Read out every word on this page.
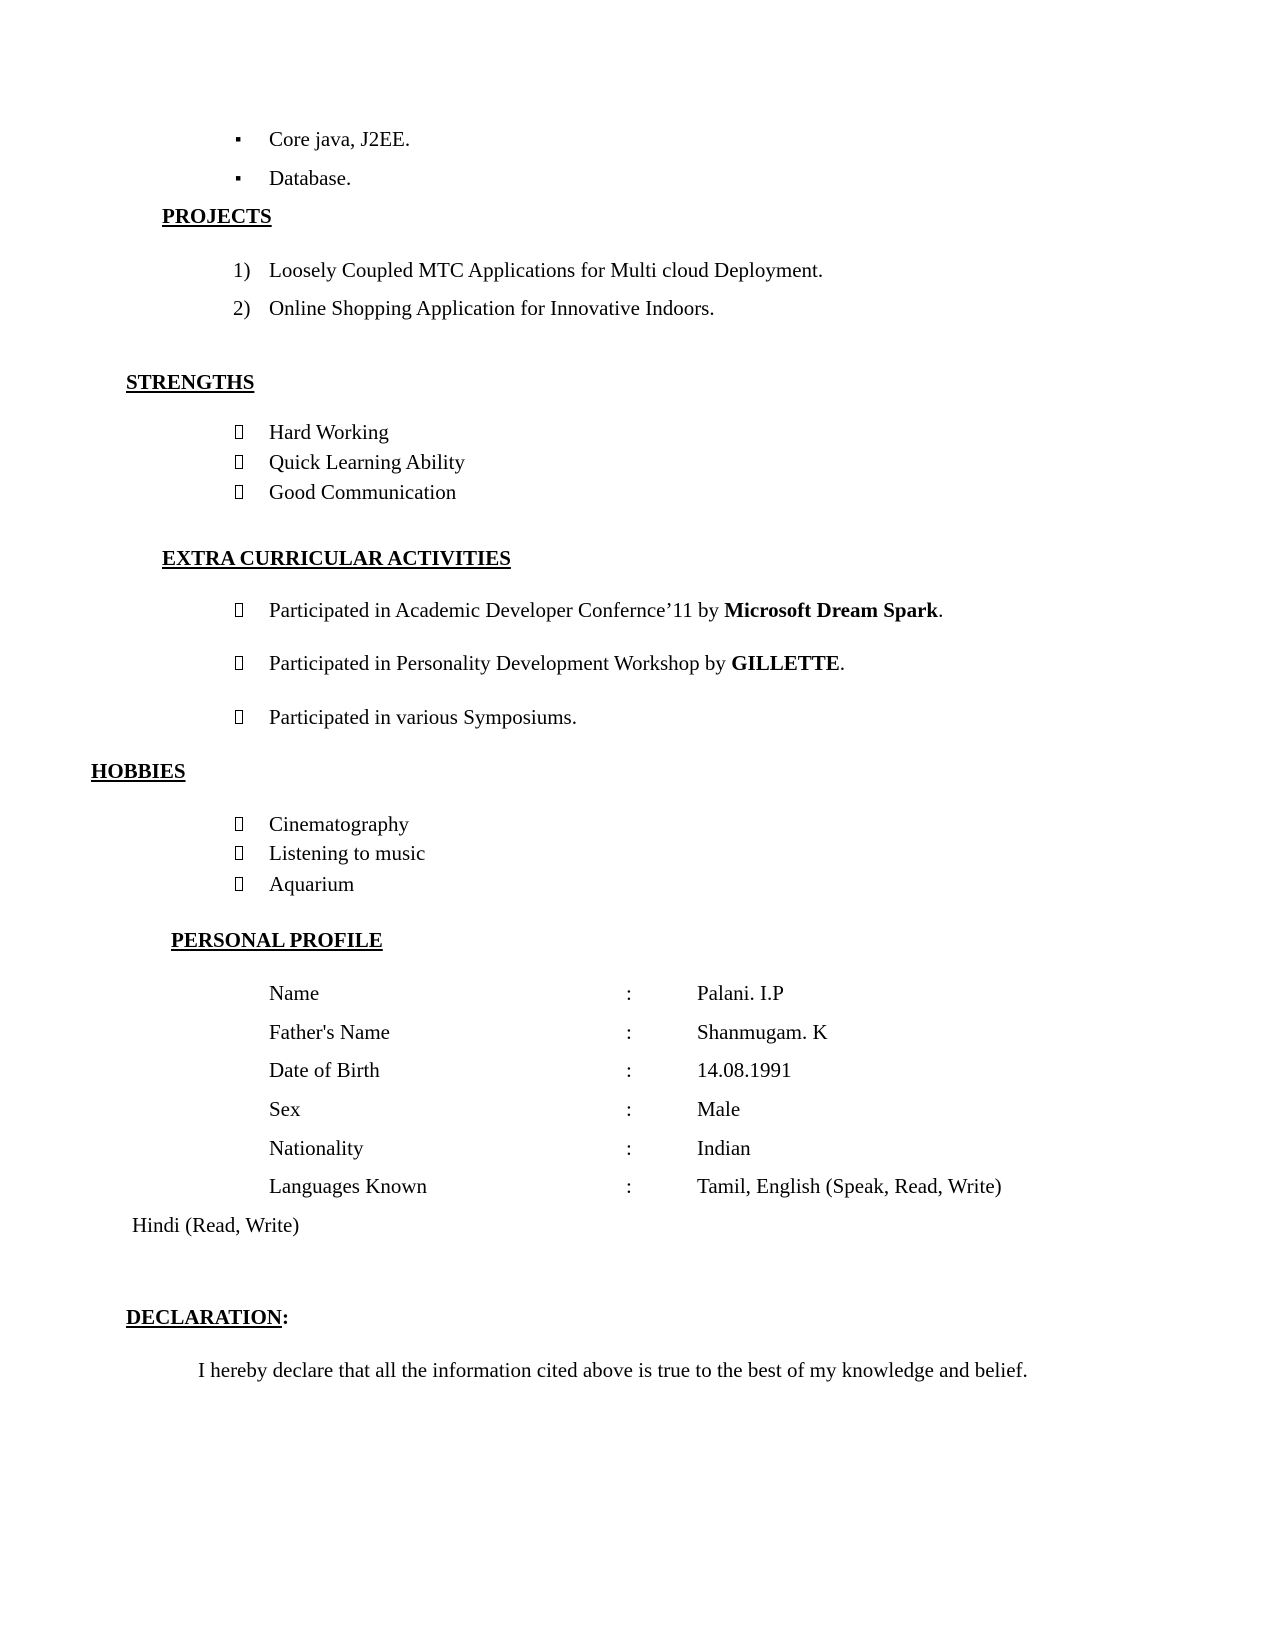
▪ Core java, J2EE.
▪ Database.
PROJECTS
1) Loosely Coupled MTC Applications for Multi cloud Deployment.
2) Online Shopping Application for Innovative Indoors.
STRENGTHS
Hard Working
Quick Learning Ability
Good Communication
EXTRA CURRICULAR ACTIVITIES
Participated in Academic Developer Confernce’11 by Microsoft Dream Spark.
Participated in Personality Development Workshop by GILLETTE.
Participated in various Symposiums.
HOBBIES
Cinematography
Listening to music
Aquarium
PERSONAL PROFILE
Name	:	Palani. I.P
Father's Name	:	Shanmugam. K
Date of Birth	:	14.08.1991
Sex	:	Male
Nationality	:	Indian
Languages Known	:	Tamil, English (Speak, Read, Write)
Hindi (Read, Write)
DECLARATION:
I hereby declare that all the information cited above is true to the best of my knowledge and belief.
